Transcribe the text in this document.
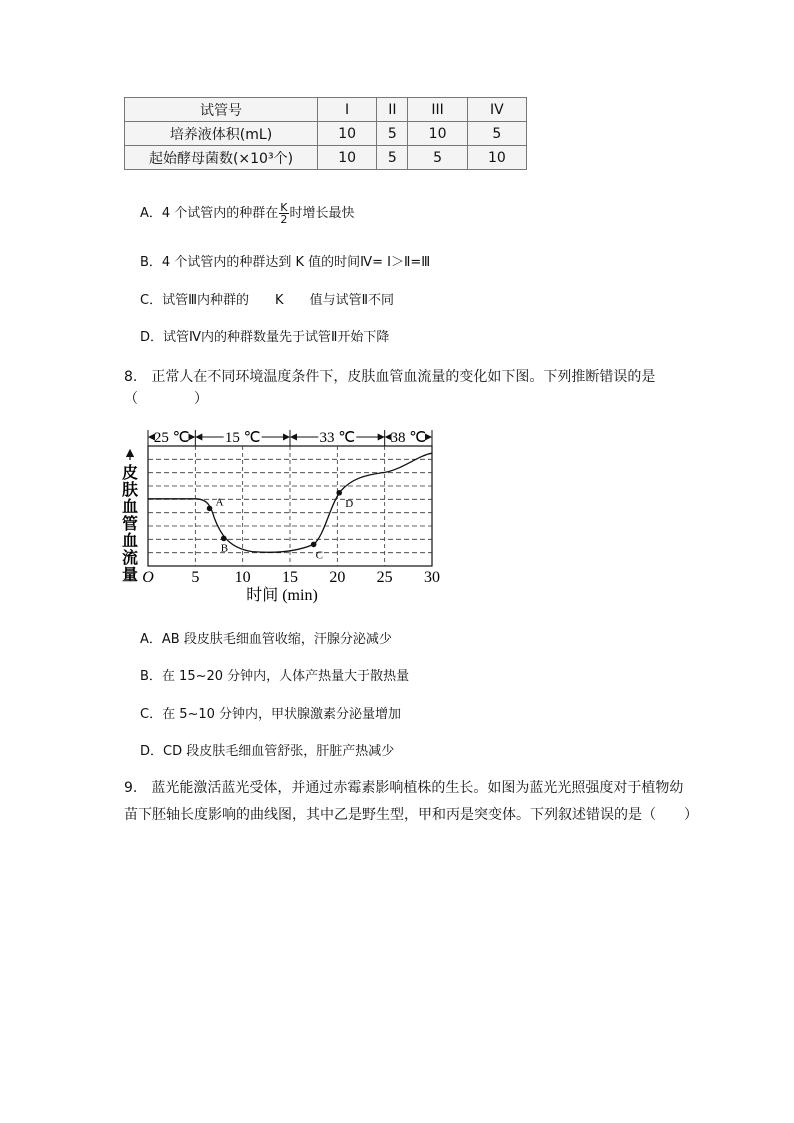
试管号	I	II	III	IV
培养液体积(mL)	10	5	10	5
起始酵母菌数(×10³个)	10	5	5	10
A．4 个试管内的种群在 $\frac{K}{2}$ 时增长最快
B．4 个试管内的种群达到 K 值的时间Ⅳ= Ⅰ＞Ⅱ=Ⅲ
C．试管Ⅲ内种群的　　K　　值与试管Ⅱ不同
D．试管Ⅳ内的种群数量先于试管Ⅱ开始下降
8.　正常人在不同环境温度条件下，皮肤血管血流量的变化如下图。下列推断错误的是
（　　　　）
25 ℃ 15 ℃	33 ℃ 38 ℃
A
B
C
D
O 5 10 15 20 25 30
时间 (min)
皮
肤
血
管
血
流
量
A．AB 段皮肤毛细血管收缩，汗腺分泌减少
B．在 15~20 分钟内，人体产热量大于散热量
C．在 5~10 分钟内，甲状腺激素分泌量增加
D．CD 段皮肤毛细血管舒张，肝脏产热减少
9.　蓝光能激活蓝光受体，并通过赤霉素影响植株的生长。如图为蓝光光照强度对于植物幼
苗下胚轴长度影响的曲线图，其中乙是野生型，甲和丙是突变体。下列叙述错误的是（　　）
